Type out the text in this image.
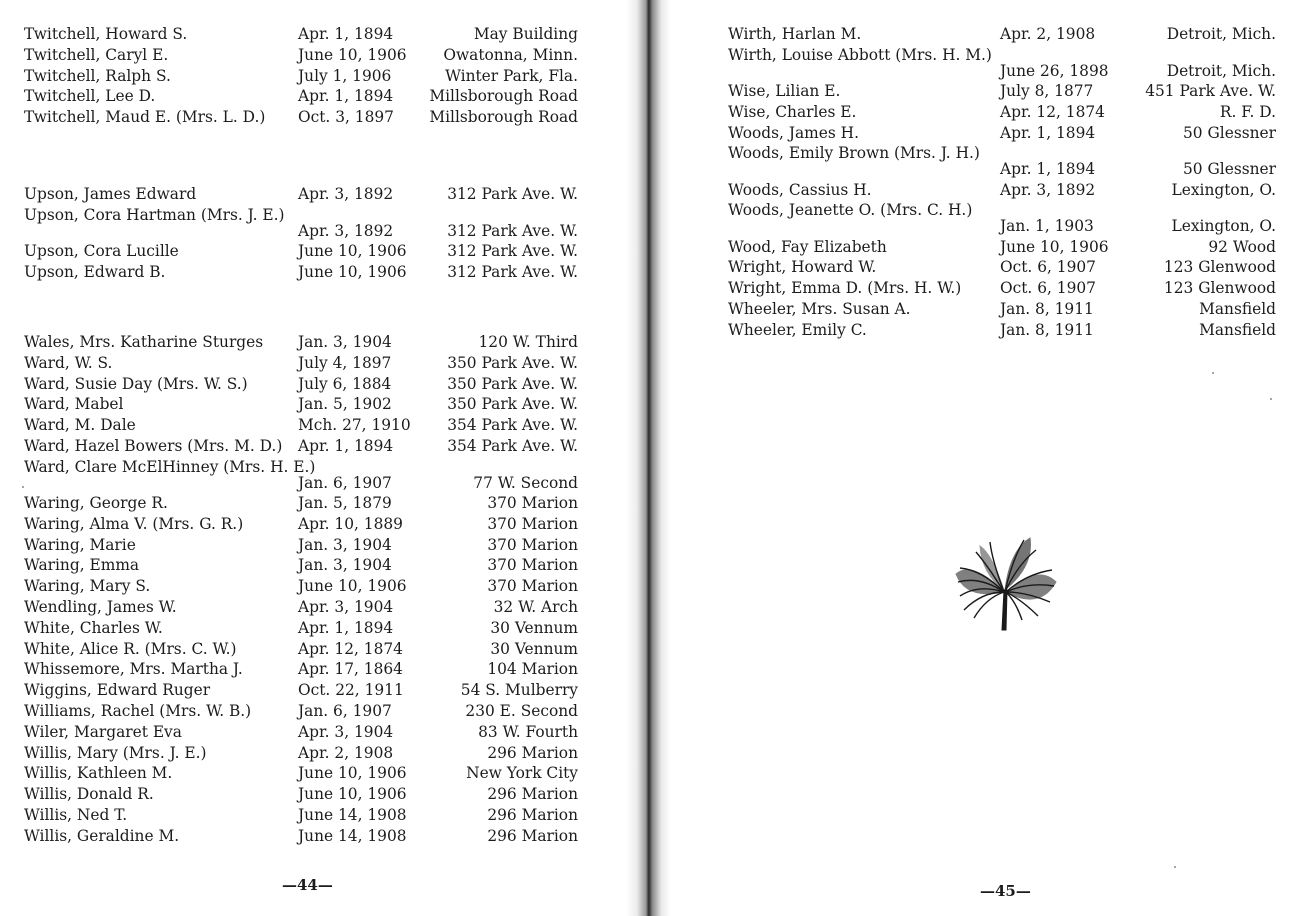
Twitchell, Howard S.	Apr. 1, 1894	May Building
Twitchell, Caryl E.	June 10, 1906	Owatonna, Minn.
Twitchell, Ralph S.	July 1, 1906	Winter Park, Fla.
Twitchell, Lee D.	Apr. 1, 1894	Millsborough Road
Twitchell, Maud E. (Mrs. L. D.) Oct. 3, 1897	Millsborough Road
Upson, James Edward	Apr. 3, 1892	312 Park Ave. W.
Upson, Cora Hartman (Mrs. J. E.)
Apr. 3, 1892	312 Park Ave. W.
Upson, Cora Lucille	June 10, 1906	312 Park Ave. W.
Upson, Edward B.	June 10, 1906	312 Park Ave. W.
Wales, Mrs. Katharine Sturges Jan. 3, 1904	120 W. Third
Ward, W. S.	July 4, 1897	350 Park Ave. W.
Ward, Susie Day (Mrs. W. S.)	July 6, 1884	350 Park Ave. W.
Ward, Mabel	Jan. 5, 1902	350 Park Ave. W.
Ward, M. Dale	Mch. 27, 1910	354 Park Ave. W.
Ward, Hazel Bowers (Mrs. M. D.) Apr. 1, 1894	354 Park Ave. W.
Ward, Clare McElHinney (Mrs. H. E.)
Jan. 6, 1907	77 W. Second
Waring, George R.	Jan. 5, 1879	370 Marion
Waring, Alma V. (Mrs. G. R.)	Apr. 10, 1889	370 Marion
Waring, Marie	Jan. 3, 1904	370 Marion
Waring, Emma	Jan. 3, 1904	370 Marion
Waring, Mary S.	June 10, 1906	370 Marion
Wendling, James W.	Apr. 3, 1904	32 W. Arch
White, Charles W.	Apr. 1, 1894	30 Vennum
White, Alice R. (Mrs. C. W.)	Apr. 12, 1874	30 Vennum
Whissemore, Mrs. Martha J.	Apr. 17, 1864	104 Marion
Wiggins, Edward Ruger	Oct. 22, 1911	54 S. Mulberry
Williams, Rachel (Mrs. W. B.)	Jan. 6, 1907	230 E. Second
Wiler, Margaret Eva	Apr. 3, 1904	83 W. Fourth
Willis, Mary (Mrs. J. E.)	Apr. 2, 1908	296 Marion
Willis, Kathleen M.	June 10, 1906	New York City
Willis, Donald R.	June 10, 1906	296 Marion
Willis, Ned T.	June 14, 1908	296 Marion
Willis, Geraldine M.	June 14, 1908	296 Marion
—44—
Wirth, Harlan M.	Apr. 2, 1908	Detroit, Mich.
Wirth, Louise Abbott (Mrs. H. M.)
June 26, 1898	Detroit, Mich.
Wise, Lilian E.	July 8, 1877	451 Park Ave. W.
Wise, Charles E.	Apr. 12, 1874	R. F. D.
Woods, James H.	Apr. 1, 1894	50 Glessner
Woods, Emily Brown (Mrs. J. H.)
Apr. 1, 1894	50 Glessner
Woods, Cassius H.	Apr. 3, 1892	Lexington, O.
Woods, Jeanette O. (Mrs. C. H.)
Jan. 1, 1903	Lexington, O.
Wood, Fay Elizabeth	June 10, 1906	92 Wood
Wright, Howard W.	Oct. 6, 1907	123 Glenwood
Wright, Emma D. (Mrs. H. W.)	Oct. 6, 1907	123 Glenwood
Wheeler, Mrs. Susan A.	Jan. 8, 1911	Mansfield
Wheeler, Emily C.	Jan. 8, 1911	Mansfield
—45—
